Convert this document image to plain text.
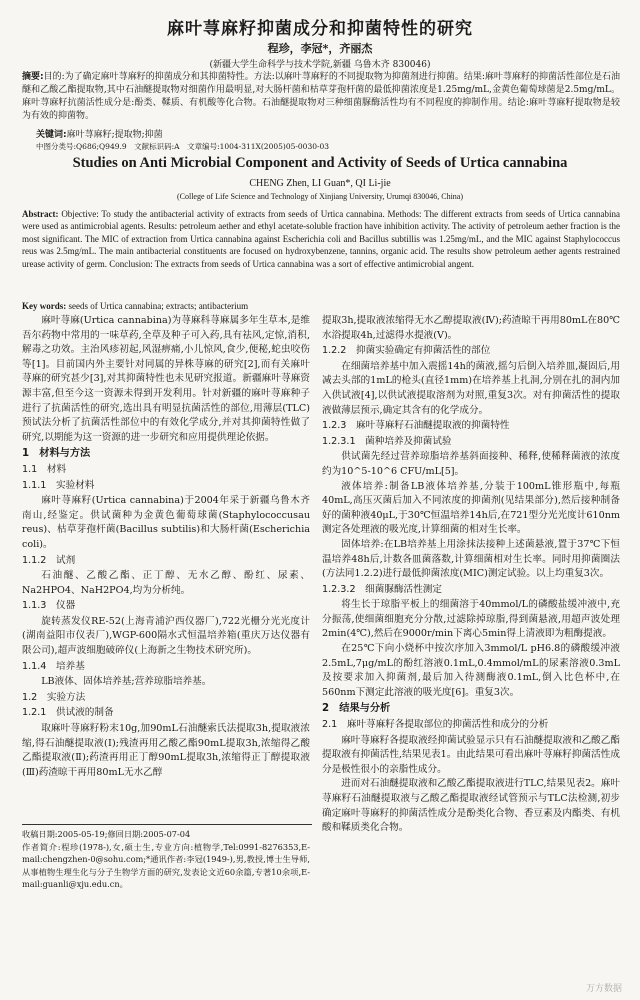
麻叶荨麻籽抑菌成分和抑菌特性的研究
程珍，李冠*，齐丽杰
(新疆大学生命科学与技术学院,新疆 乌鲁木齐 830046)
摘要:目的:为了确定麻叶荨麻籽的抑菌成分和其抑菌特性。方法:以麻叶荨麻籽的不同提取物为抑菌剂进行抑菌。结果:麻叶荨麻籽的抑菌活性部位是石油醚和乙酸乙酯提取物,其中石油醚提取物对细菌作用最明显,对大肠杆菌和枯草芽孢杆菌的最低抑菌浓度是1.25mg/mL,金黄色葡萄球菌是2.5mg/mL。麻叶荨麻籽抗菌活性成分是:酚类、鞣质、有机酸等化合物。石油醚提取物对三种细菌脲酶活性均有不同程度的抑制作用。结论:麻叶荨麻籽提取物是较为有效的抑菌物。
关键词:麻叶荨麻籽;提取物;抑菌
中图分类号:Q686;Q949.9　文献标识码:A　文章编号:1004-311X(2005)05-0030-03
Studies on Anti Microbial Component and Activity of Seeds of Urtica cannabina
CHENG Zhen, LI Guan*, QI Li-jie
(College of Life Science and Technology of Xinjiang University, Urumqi 830046, China)
Abstract: Objective: To study the antibacterial activity of extracts from seeds of Urtica cannabina. Methods: The different extracts from seeds of Urtica cannabina were used as antimicrobial agents. Results: petroleum aether and ethyl acetate-soluble fraction have inhibition activity. The activity of petroleum aether fraction is the most significant. The MIC of extraction from Urtica cannabina against Escherichia coli and Bacillus subtillis was 1.25mg/mL, and the MIC against Staphylococcus reus was 2.5mg/mL. The main antibacterial constituents are focused on hydroxybenzene, tannins, organic acid. The results show petroleum aether agents restrained urease activity of germ. Conclusion: The extracts from seeds of Urtica cannabina was a sort of effective antimicrobial angent.
Key words: seeds of Urtica cannabina; extracts; antibacterium

麻叶荨麻(Urtica cannabina)为荨麻科荨麻属多年生草本,是维吾尔药物中常用的一味草药,全草及种子可入药,具有祛风,定惊,消积,解毒之功效。主治风疹初起,风湿痹痛,小儿惊风,食少,便秘,蛇虫咬伤等[1]。目前国内外主要针对同属的异株荨麻的研究[2],而有关麻叶荨麻的研究甚少[3],对其抑菌特性也未见研究报道。新疆麻叶荨麻资源丰富,但至今这一资源未得到开发利用。针对新疆的麻叶荨麻种子进行了抗菌活性的研究,选出具有明显抗菌活性的部位,用薄层(TLC)预试法分析了抗菌活性部位中的有效化学成分,并对其抑菌特性做了研究,以期能为这一资源的进一步研究和应用提供理论依据。

1　材料与方法
1.1　材料
1.1.1　实验材料

麻叶荨麻籽(Urtica cannabina)于2004年采于新疆乌鲁木齐南山,经鉴定。供试菌种为金黄色葡萄球菌(Staphylococcusau reus)、枯草芽孢杆菌(Bacillus subtilis)和大肠杆菌(Escherichia coli)。

1.1.2　试剂

石油醚、乙酸乙酯、正丁醇、无水乙醇、酚红、尿素、Na2HPO4、NaH2PO4,均为分析纯。

1.1.3　仪器

旋转蒸发仪RE-52(上海青浦沪西仪器厂),722光栅分光光度计(湖南益阳市仪表厂),WGP-600隔水式恒温培养箱(重庆万达仪器有限公司),超声波细胞破碎仪(上海新之生物技术研究所)。

1.1.4　培养基

LB液体、固体培养基;营养琼脂培养基。

1.2　实验方法
1.2.1　供试液的制备

取麻叶荨麻籽粉末10g,加90mL石油醚索氏法提取3h,提取液浓缩,得石油醚提取液(Ⅰ);残渣再用乙酸乙酯90mL提取3h,浓缩得乙酸乙酯提取液(Ⅱ);药渣再用正丁醇90mL提取3h,浓缩得正丁醇提取液(Ⅲ)药渣晾干再用80mL无水乙醇

提取3h,提取液浓缩得无水乙醇提取液(Ⅳ);药渣晾干再用80mL在80℃水浴提取4h,过滤得水提液(Ⅴ)。

1.2.2　抑菌实验确定有抑菌活性的部位

在细菌培养基中加入震摇14h的菌液,摇匀后倒入培养皿,凝固后,用减去头部的1mL的枪头(直径1mm)在培养基上扎洞,分别在扎的洞内加入供试液[4],以供试液提取溶剂为对照,重复3次。对有抑菌活性的提取液做薄层预示,确定其含有的化学成分。

1.2.3　麻叶荨麻籽石油醚提取液的抑菌特性
1.2.3.1　菌种培养及抑菌试验

供试菌先经过营养琼脂培养基斜面接种、稀释,使稀释菌液的浓度约为10^5-10^6 CFU/mL[5]。

液体培养:制备LB液体培养基,分装于100mL锥形瓶中,每瓶40mL,高压灭菌后加入不同浓度的抑菌剂(见结果部分),然后接种制备好的菌种液40μL,于30℃恒温培养14h后,在721型分光光度计610nm测定各处理液的吸光度,计算细菌的相对生长率。

固体培养:在LB培养基上用涂抹法接种上述菌悬液,置于37℃下恒温培养48h后,计数各皿菌落数,计算细菌相对生长率。同时用抑菌圈法(方法同1.2.2)进行最低抑菌浓度(MIC)测定试验。以上均重复3次。

1.2.3.2　细菌脲酶活性测定

将生长于琼脂平板上的细菌溶于40mmol/L的磷酸盐缓冲液中,充分振荡,使细菌细胞充分分散,过滤除掉琼脂,得到菌悬液,用超声波处理2min(4℃),然后在9000r/min下离心5min得上清液即为粗酶提液。

在25℃下向小烧杯中按次序加入3mmol/L pH6.8的磷酸缓冲液2.5mL,7μg/mL的酚红溶液0.1mL,0.4mmol/mL的尿素溶液0.3mL及按要求加入抑菌剂,最后加入待测酶液0.1mL,倒入比色杯中,在560nm下测定此溶液的吸光度[6]。重复3次。

2　结果与分析
2.1　麻叶荨麻籽各提取部位的抑菌活性和成分的分析

麻叶荨麻籽各提取液经抑菌试验显示只有石油醚提取液和乙酸乙酯提取液有抑菌活性,结果见表1。由此结果可看出麻叶荨麻籽抑菌活性成分是极性很小的亲脂性成分。

进而对石油醚提取液和乙酸乙酯提取液进行TLC,结果见表2。麻叶荨麻籽石油醚提取液与乙酸乙酯提取液经试管预示与TLC法检测,初步确定麻叶荨麻籽的抑菌活性成分是酚类化合物、香豆素及内酯类、有机酸和鞣质类化合物。

收稿日期:2005-05-19;修回日期:2005-07-04
作者简介:程珍(1978-),女,硕士生,专业方向:植物学,Tel:0991-8276353,E-mail:chengzhen-0@sohu.com;*通讯作者:李冠(1949-),男,教授,博士生导师,从事植物生理生化与分子生物学方面的研究,发表论文近60余篇,专著10余项,E-mail:guanli@xju.edu.cn。
万方数据
